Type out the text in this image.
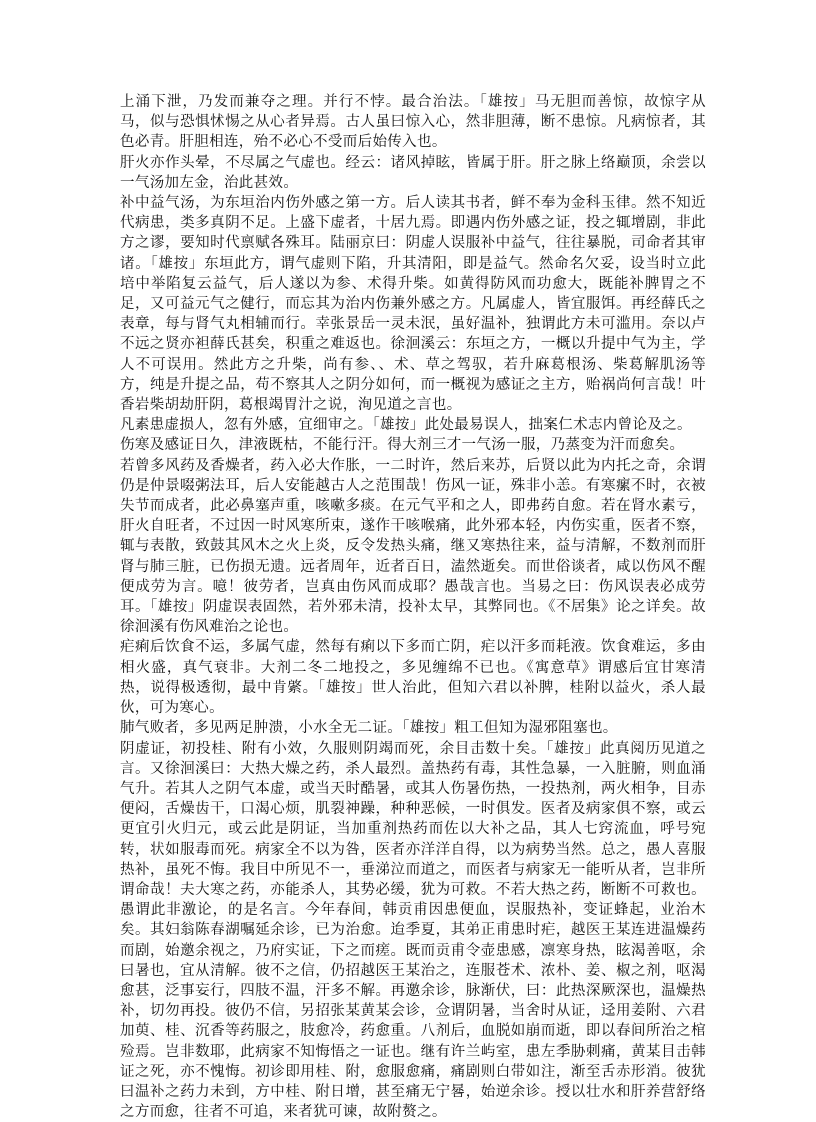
上涌下泄，乃发而兼夺之理。并行不悖。最合治法。「雄按」马无胆而善惊，故惊字从马，似与恐惧怵惕之从心者异焉。古人虽曰惊入心，然非胆薄，断不患惊。凡病惊者，其色必青。肝胆相连，殆不必心不受而后始传入也。

肝火亦作头晕，不尽属之气虚也。经云：诸风掉眩，皆属于肝。肝之脉上络巅顶，余尝以一气汤加左金，治此甚效。

补中益气汤，为东垣治内伤外感之第一方。后人读其书者，鲜不奉为金科玉律。然不知近代病患，类多真阴不足。上盛下虚者，十居九焉。即遇内伤外感之证，投之辄增剧，非此方之谬，要知时代禀赋各殊耳。陆丽京曰：阴虚人误服补中益气，往往暴脱，司命者其审诸。「雄按」东垣此方，谓气虚则下陷，升其清阳，即是益气。然命名欠妥，设当时立此培中举陷复云益气，后人遂以为参、术得升柴。如黄得防风而功愈大，既能补脾胃之不足，又可益元气之健行，而忘其为治内伤兼外感之方。凡属虚人，皆宜服饵。再经薛氏之表章，每与肾气丸相辅而行。幸张景岳一灵未泯，虽好温补，独谓此方未可滥用。奈以卢不远之贤亦袒薛氏甚矣，积重之难返也。徐洄溪云：东垣之方，一概以升提中气为主，学人不可误用。然此方之升柴，尚有参、、术、草之驾驭，若升麻葛根汤、柴葛解肌汤等方，纯是升提之品，苟不察其人之阴分如何，而一概视为感证之主方，贻祸尚何言哉！叶香岩柴胡劫肝阴，葛根竭胃汁之说，洵见道之言也。

凡素患虚损人，忽有外感，宜细审之。「雄按」此处最易误人，拙案仁术志内曾论及之。

伤寒及感证日久，津液既枯，不能行汗。得大剂三才一气汤一服，乃蒸变为汗而愈矣。

若曾多风药及香燥者，药入必大作胀，一二时许，然后来苏，后贤以此为内托之奇，余谓仍是仲景啜粥法耳，后人安能越古人之范围哉！伤风一证，殊非小恙。有寒瘰不时，衣被失节而成者，此必鼻塞声重，咳嗽多痰。在元气平和之人，即弗药自愈。若在肾水素亏，肝火自旺者，不过因一时风寒所束，遂作干咳喉痛，此外邪本轻，内伤实重，医者不察，辄与表散，致鼓其风木之火上炎，反令发热头痛，继又寒热往来，益与清解，不数剂而肝肾与肺三脏，已伤损无遗。远者周年，近者百日，溘然逝矣。而世俗谈者，咸以伤风不醒便成劳为言。噫！彼劳者，岂真由伤风而成耶？愚哉言也。当易之曰：伤风误表必成劳耳。「雄按」阴虚误表固然，若外邪未清，投补太早，其弊同也。《不居集》论之详矣。故徐洄溪有伤风难治之论也。

疟痢后饮食不运，多属气虚，然每有痢以下多而亡阴，疟以汗多而耗液。饮食难运，多由相火盛，真气衰非。大剂二冬二地投之，多见缠绵不已也。《寓意草》谓感后宜甘寒清热，说得极透彻，最中肯綮。「雄按」世人治此，但知六君以补脾，桂附以益火，杀人最伙，可为寒心。

肺气败者，多见两足肿溃，小水全无二证。「雄按」粗工但知为湿邪阻塞也。

阴虚证，初投桂、附有小效，久服则阴竭而死，余目击数十矣。「雄按」此真阅历见道之言。又徐洄溪曰：大热大燥之药，杀人最烈。盖热药有毒，其性急暴，一入脏腑，则血涌气升。若其人之阴气本虚，或当天时酷暑，或其人伤暑伤热，一投热剂，两火相争，目赤便闷，舌燥齿干，口渴心烦，肌裂神躁，种种恶候，一时俱发。医者及病家俱不察，或云更宜引火归元，或云此是阴证，当加重剂热药而佐以大补之品，其人七窍流血，呼号宛转，状如服毒而死。病家全不以为咎，医者亦洋洋自得，以为病势当然。总之，愚人喜服热补，虽死不悔。我目中所见不一，垂涕泣而道之，而医者与病家无一能听从者，岂非所谓命哉！夫大寒之药，亦能杀人，其势必缓，犹为可救。不若大热之药，断断不可救也。愚谓此非激论，的是名言。今年春间，韩贡甫因患便血，误服热补，变证蜂起，业治木矣。其妇翁陈春湖嘱延余诊，已为治愈。迨季夏，其弟正甫患时疟，越医王某连进温燥药而剧，始邀余视之，乃府实证，下之而瘥。既而贡甫令壶患感，凛寒身热，眩渴善呕，余曰暑也，宜从清解。彼不之信，仍招越医王某治之，连服苍术、浓朴、姜、椒之剂，呕渴愈甚，泛事妄行，四肢不温，汗多不解。再邀余诊，脉渐伏，曰：此热深厥深也，温燥热补，切勿再投。彼仍不信，另招张某黄某会诊，佥谓阴暑，当舍时从证，迳用姜附、六君加萸、桂、沉香等药服之，肢愈冷，药愈重。八剂后，血脱如崩而逝，即以春间所治之棺殓焉。岂非数耶，此病家不知悔悟之一证也。继有许兰屿室，患左季胁刺痛，黄某目击韩证之死，亦不愧悔。初诊即用桂、附，愈服愈痛，痛剧则白带如注，渐至舌赤形消。彼犹曰温补之药力未到，方中桂、附日增，甚至痛无宁晷，始逆余诊。授以壮水和肝养营舒络之方而愈，往者不可追，来者犹可谏，故附赘之。
